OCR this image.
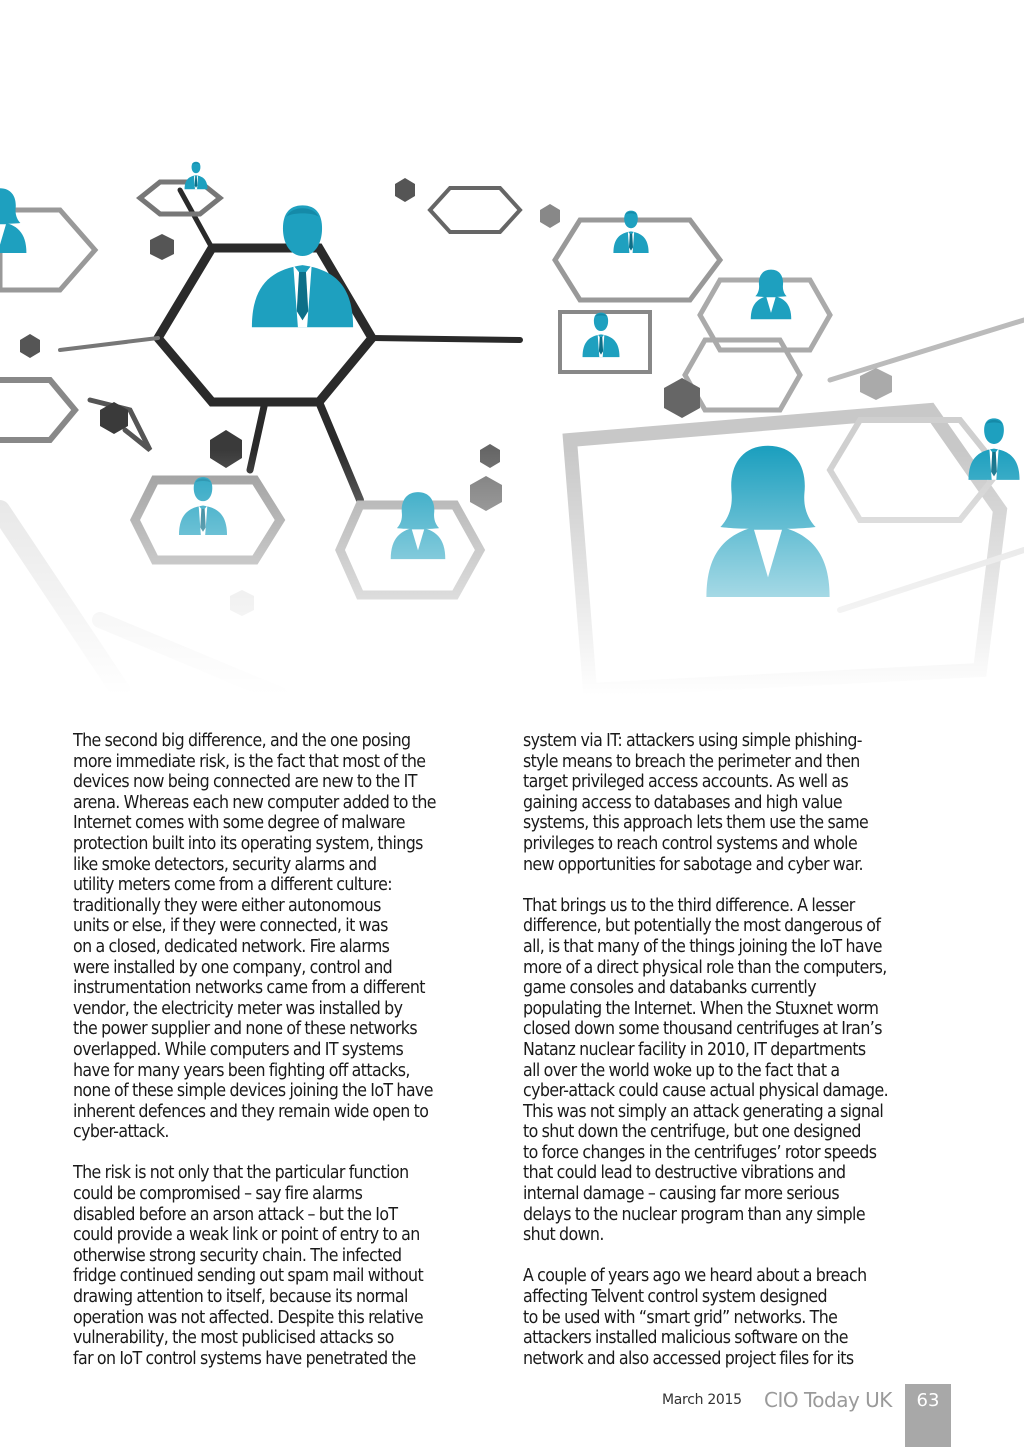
The second big difference, and the one posing
more immediate risk, is the fact that most of the
devices now being connected are new to the IT
arena. Whereas each new computer added to the
Internet comes with some degree of malware
protection built into its operating system, things
like smoke detectors, security alarms and
utility meters come from a different culture:
traditionally they were either autonomous
units or else, if they were connected, it was
on a closed, dedicated network. Fire alarms
were installed by one company, control and
instrumentation networks came from a different
vendor, the electricity meter was installed by
the power supplier and none of these networks
overlapped. While computers and IT systems
have for many years been fighting off attacks,
none of these simple devices joining the IoT have
inherent defences and they remain wide open to
cyber-attack.

The risk is not only that the particular function
could be compromised – say fire alarms
disabled before an arson attack – but the IoT
could provide a weak link or point of entry to an
otherwise strong security chain. The infected
fridge continued sending out spam mail without
drawing attention to itself, because its normal
operation was not affected. Despite this relative
vulnerability, the most publicised attacks so
far on IoT control systems have penetrated the

system via IT: attackers using simple phishing-
style means to breach the perimeter and then
target privileged access accounts. As well as
gaining access to databases and high value
systems, this approach lets them use the same
privileges to reach control systems and whole
new opportunities for sabotage and cyber war.

That brings us to the third difference. A lesser
difference, but potentially the most dangerous of
all, is that many of the things joining the IoT have
more of a direct physical role than the computers,
game consoles and databanks currently
populating the Internet. When the Stuxnet worm
closed down some thousand centrifuges at Iran’s
Natanz nuclear facility in 2010, IT departments
all over the world woke up to the fact that a
cyber-attack could cause actual physical damage.
This was not simply an attack generating a signal
to shut down the centrifuge, but one designed
to force changes in the centrifuges’ rotor speeds
that could lead to destructive vibrations and
internal damage – causing far more serious
delays to the nuclear program than any simple
shut down.

A couple of years ago we heard about a breach
affecting Telvent control system designed
to be used with “smart grid” networks. The
attackers installed malicious software on the
network and also accessed project files for its

March 2015 CIO Today UK	63
